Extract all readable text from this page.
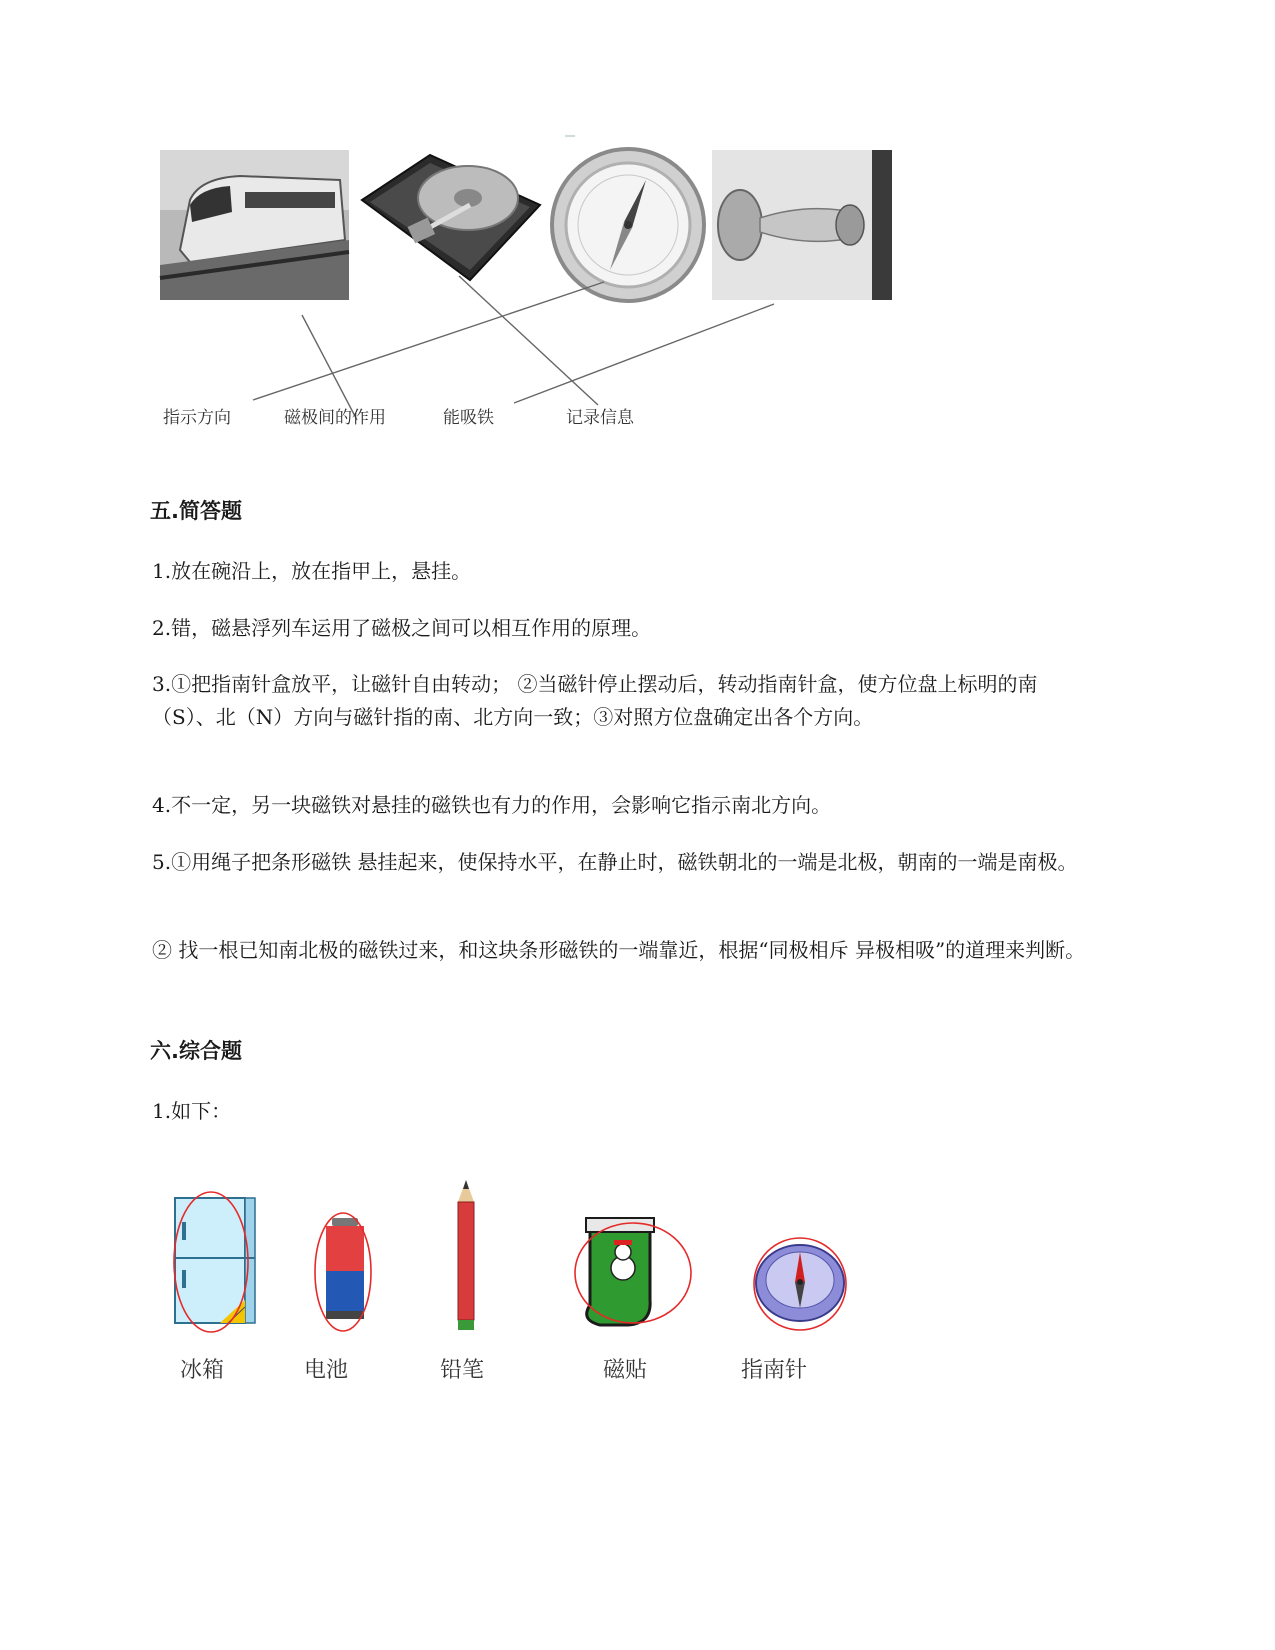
指示方向	磁极间的作用	能吸铁	记录信息
五.简答题
1.放在碗沿上，放在指甲上，悬挂。
2.错，磁悬浮列车运用了磁极之间可以相互作用的原理。
3.①把指南针盒放平，让磁针自由转动； ②当磁针停止摆动后，转动指南针盒，使方位盘上标明的南（S）、北（N）方向与磁针指的南、北方向一致；③对照方位盘确定出各个方向。
4.不一定，另一块磁铁对悬挂的磁铁也有力的作用，会影响它指示南北方向。
5.①用绳子把条形磁铁 悬挂起来，使保持水平，在静止时，磁铁朝北的一端是北极，朝南的一端是南极。
② 找一根已知南北极的磁铁过来，和这块条形磁铁的一端靠近，根据“同极相斥 异极相吸”的道理来判断。
六.综合题
1.如下：
冰箱	电池	铅笔	磁贴	指南针
